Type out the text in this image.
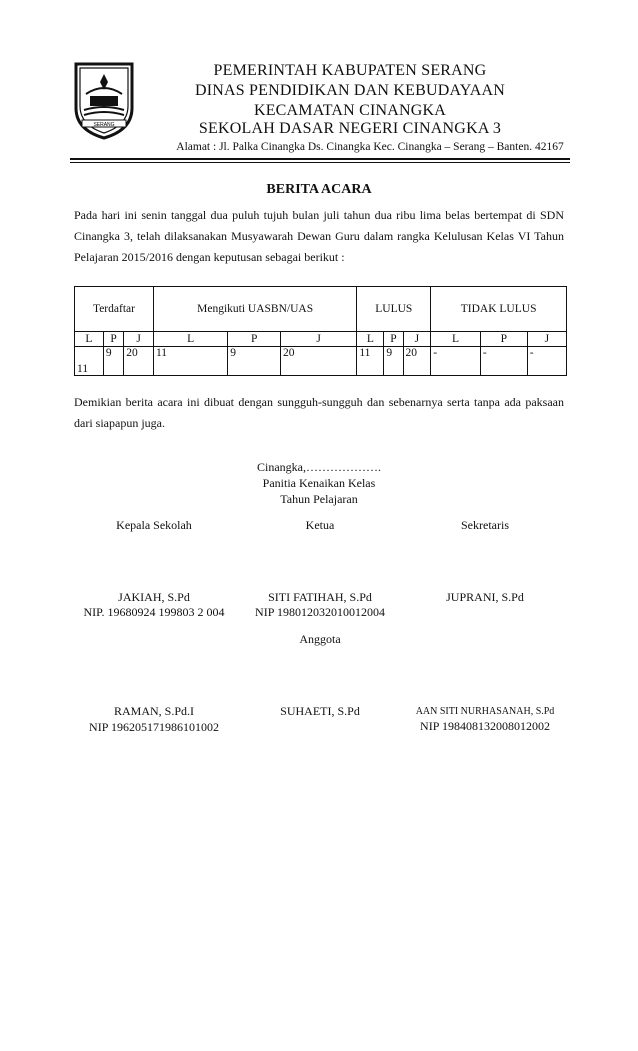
SERANG
PEMERINTAH KABUPATEN SERANG
DINAS PENDIDIKAN DAN KEBUDAYAAN
KECAMATAN CINANGKA
SEKOLAH DASAR NEGERI CINANGKA 3
Alamat : Jl. Palka Cinangka Ds. Cinangka Kec. Cinangka – Serang – Banten. 42167
BERITA ACARA
Pada hari ini senin tanggal dua puluh tujuh bulan juli tahun dua ribu lima belas bertempat di SDN Cinangka 3, telah dilaksanakan Musyawarah Dewan Guru dalam rangka Kelulusan Kelas VI Tahun Pelajaran 2015/2016 dengan keputusan sebagai berikut :
Terdaftar			Mengikuti UASBN/UAS			LULUS			TIDAK LULUS		
L	P	J	L	P	J	L	P	J	L	P	J
11	9	20	11	9	20	11	9	20	-	-	-
Demikian berita acara ini dibuat dengan sungguh-sungguh dan sebenarnya serta tanpa ada paksaan dari siapapun juga.
Cinangka,……………….
Panitia Kenaikan Kelas
Tahun Pelajaran
Kepala Sekolah	Ketua	Sekretaris
JAKIAH, S.Pd
NIP. 19680924 199803 2 004
SITI FATIHAH, S.Pd
NIP 198012032010012004
JUPRANI, S.Pd
Anggota
RAMAN, S.Pd.I
NIP 196205171986101002
SUHAETI, S.Pd	AAN SITI NURHASANAH, S.Pd
NIP 198408132008012002
